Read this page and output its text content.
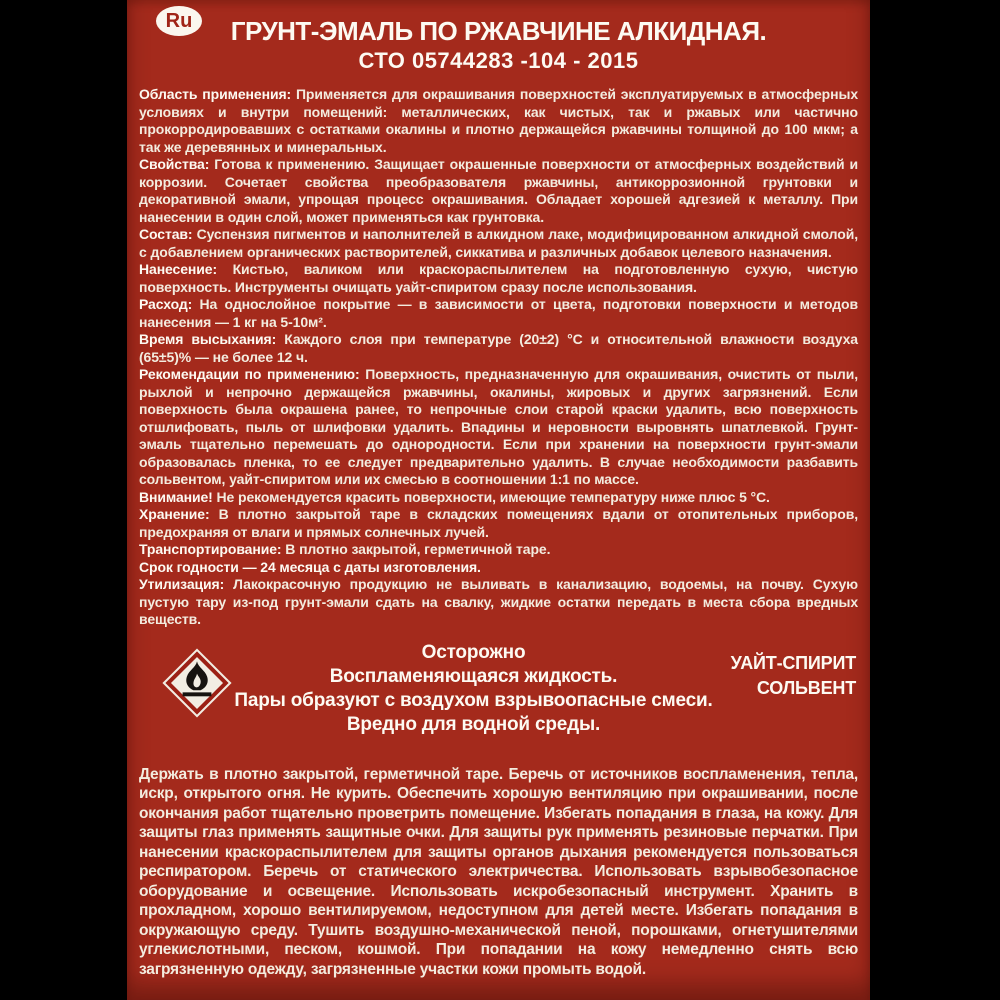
Ru	ГРУНТ-ЭМАЛЬ ПО РЖАВЧИНЕ АЛКИДНАЯ.
СТО 05744283 -104 - 2015

Область применения: Применяется для окрашивания поверхностей эксплуатируемых в атмосферных условиях и внутри помещений: металлических, как чистых, так и ржавых или частично прокорродировавших с остатками окалины и плотно держащейся ржавчины толщиной до 100 мкм; а так же деревянных и минеральных.

Свойства: Готова к применению. Защищает окрашенные поверхности от атмосферных воздействий и коррозии. Сочетает свойства преобразователя ржавчины, антикоррозионной грунтовки и декоративной эмали, упрощая процесс окрашивания. Обладает хорошей адгезией к металлу. При нанесении в один слой, может применяться как грунтовка.

Состав: Суспензия пигментов и наполнителей в алкидном лаке, модифицированном алкидной смолой, с добавлением органических растворителей, сиккатива и различных добавок целевого назначения.

Нанесение: Кистью, валиком или краскораспылителем на подготовленную сухую, чистую поверхность. Инструменты очищать уайт-спиритом сразу после использования.

Расход: На однослойное покрытие — в зависимости от цвета, подготовки поверхности и методов нанесения — 1 кг на 5-10м².

Время высыхания: Каждого слоя при температуре (20±2) °С и относительной влажности воздуха (65±5)% — не более 12 ч.

Рекомендации по применению: Поверхность, предназначенную для окрашивания, очистить от пыли, рыхлой и непрочно держащейся ржавчины, окалины, жировых и других загрязнений. Если поверхность была окрашена ранее, то непрочные слои старой краски удалить, всю поверхность отшлифовать, пыль от шлифовки удалить. Впадины и неровности выровнять шпатлевкой. Грунт-эмаль тщательно перемешать до однородности. Если при хранении на поверхности грунт-эмали образовалась пленка, то ее следует предварительно удалить. В случае необходимости разбавить сольвентом, уайт-спиритом или их смесью в соотношении 1:1 по массе.

Внимание! Не рекомендуется красить поверхности, имеющие температуру ниже плюс 5 °С.

Хранение: В плотно закрытой таре в складских помещениях вдали от отопительных приборов, предохраняя от влаги и прямых солнечных лучей.

Транспортирование: В плотно закрытой, герметичной таре.

Срок годности — 24 месяца с даты изготовления.

Утилизация: Лакокрасочную продукцию не выливать в канализацию, водоемы, на почву. Сухую пустую тару из-под грунт-эмали сдать на свалку, жидкие остатки передать в места сбора вредных веществ.

Осторожно
Воспламеняющаяся жидкость.
Пары образуют с воздухом взрывоопасные смеси.
Вредно для водной среды.
УАЙТ-СПИРИТ
СОЛЬВЕНТ

Держать в плотно закрытой, герметичной таре. Беречь от источников воспламенения, тепла, искр, открытого огня. Не курить. Обеспечить хорошую вентиляцию при окрашивании, после окончания работ тщательно проветрить помещение. Избегать попадания в глаза, на кожу. Для защиты глаз применять защитные очки. Для защиты рук применять резиновые перчатки. При нанесении краскораспылителем для защиты органов дыхания рекомендуется пользоваться респиратором. Беречь от статического электричества. Использовать взрывобезопасное оборудование и освещение. Использовать искробезопасный инструмент. Хранить в прохладном, хорошо вентилируемом, недоступном для детей месте. Избегать попадания в окружающую среду. Тушить воздушно-механической пеной, порошками, огнетушителями углекислотными, песком, кошмой. При попадании на кожу немедленно снять всю загрязненную одежду, загрязненные участки кожи промыть водой.
